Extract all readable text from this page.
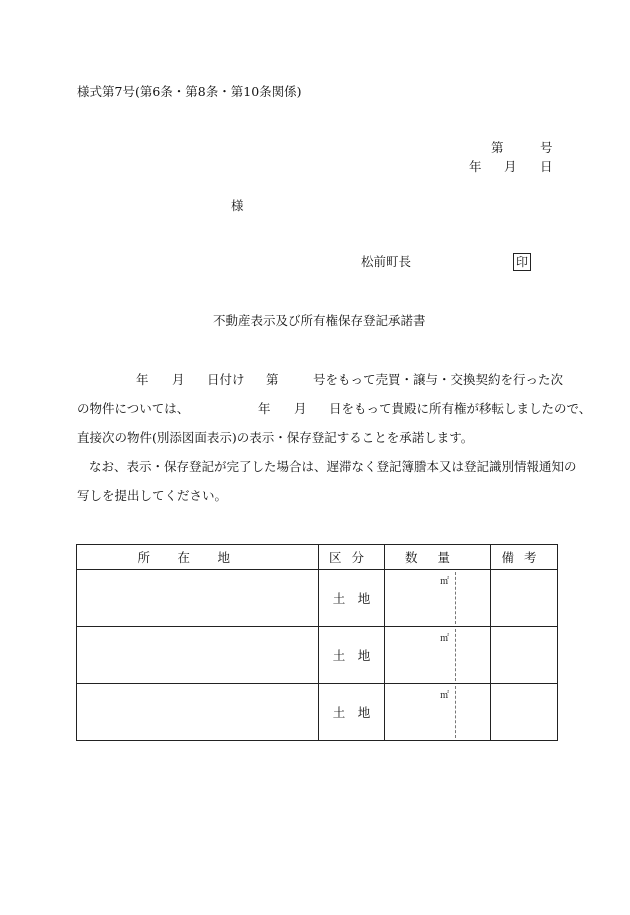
様式第7号(第6条・第8条・第10条関係)
第	号
年 月 日
様
松前町長	印
不動産表示及び所有権保存登記承諾書
年 月 日付け 第	号をもって売買・譲与・交換契約を行った次
の物件については、	年 月 日をもって貴殿に所有権が移転しましたので、
直接次の物件(別添図面表示)の表示・保存登記することを承諾します。
なお、表示・保存登記が完了した場合は、遅滞なく登記簿謄本又は登記識別情報通知の
写しを提出してください。
所在地	区分	数量	備考
	土　地	㎡	

	土　地	㎡	

	土　地	㎡	
